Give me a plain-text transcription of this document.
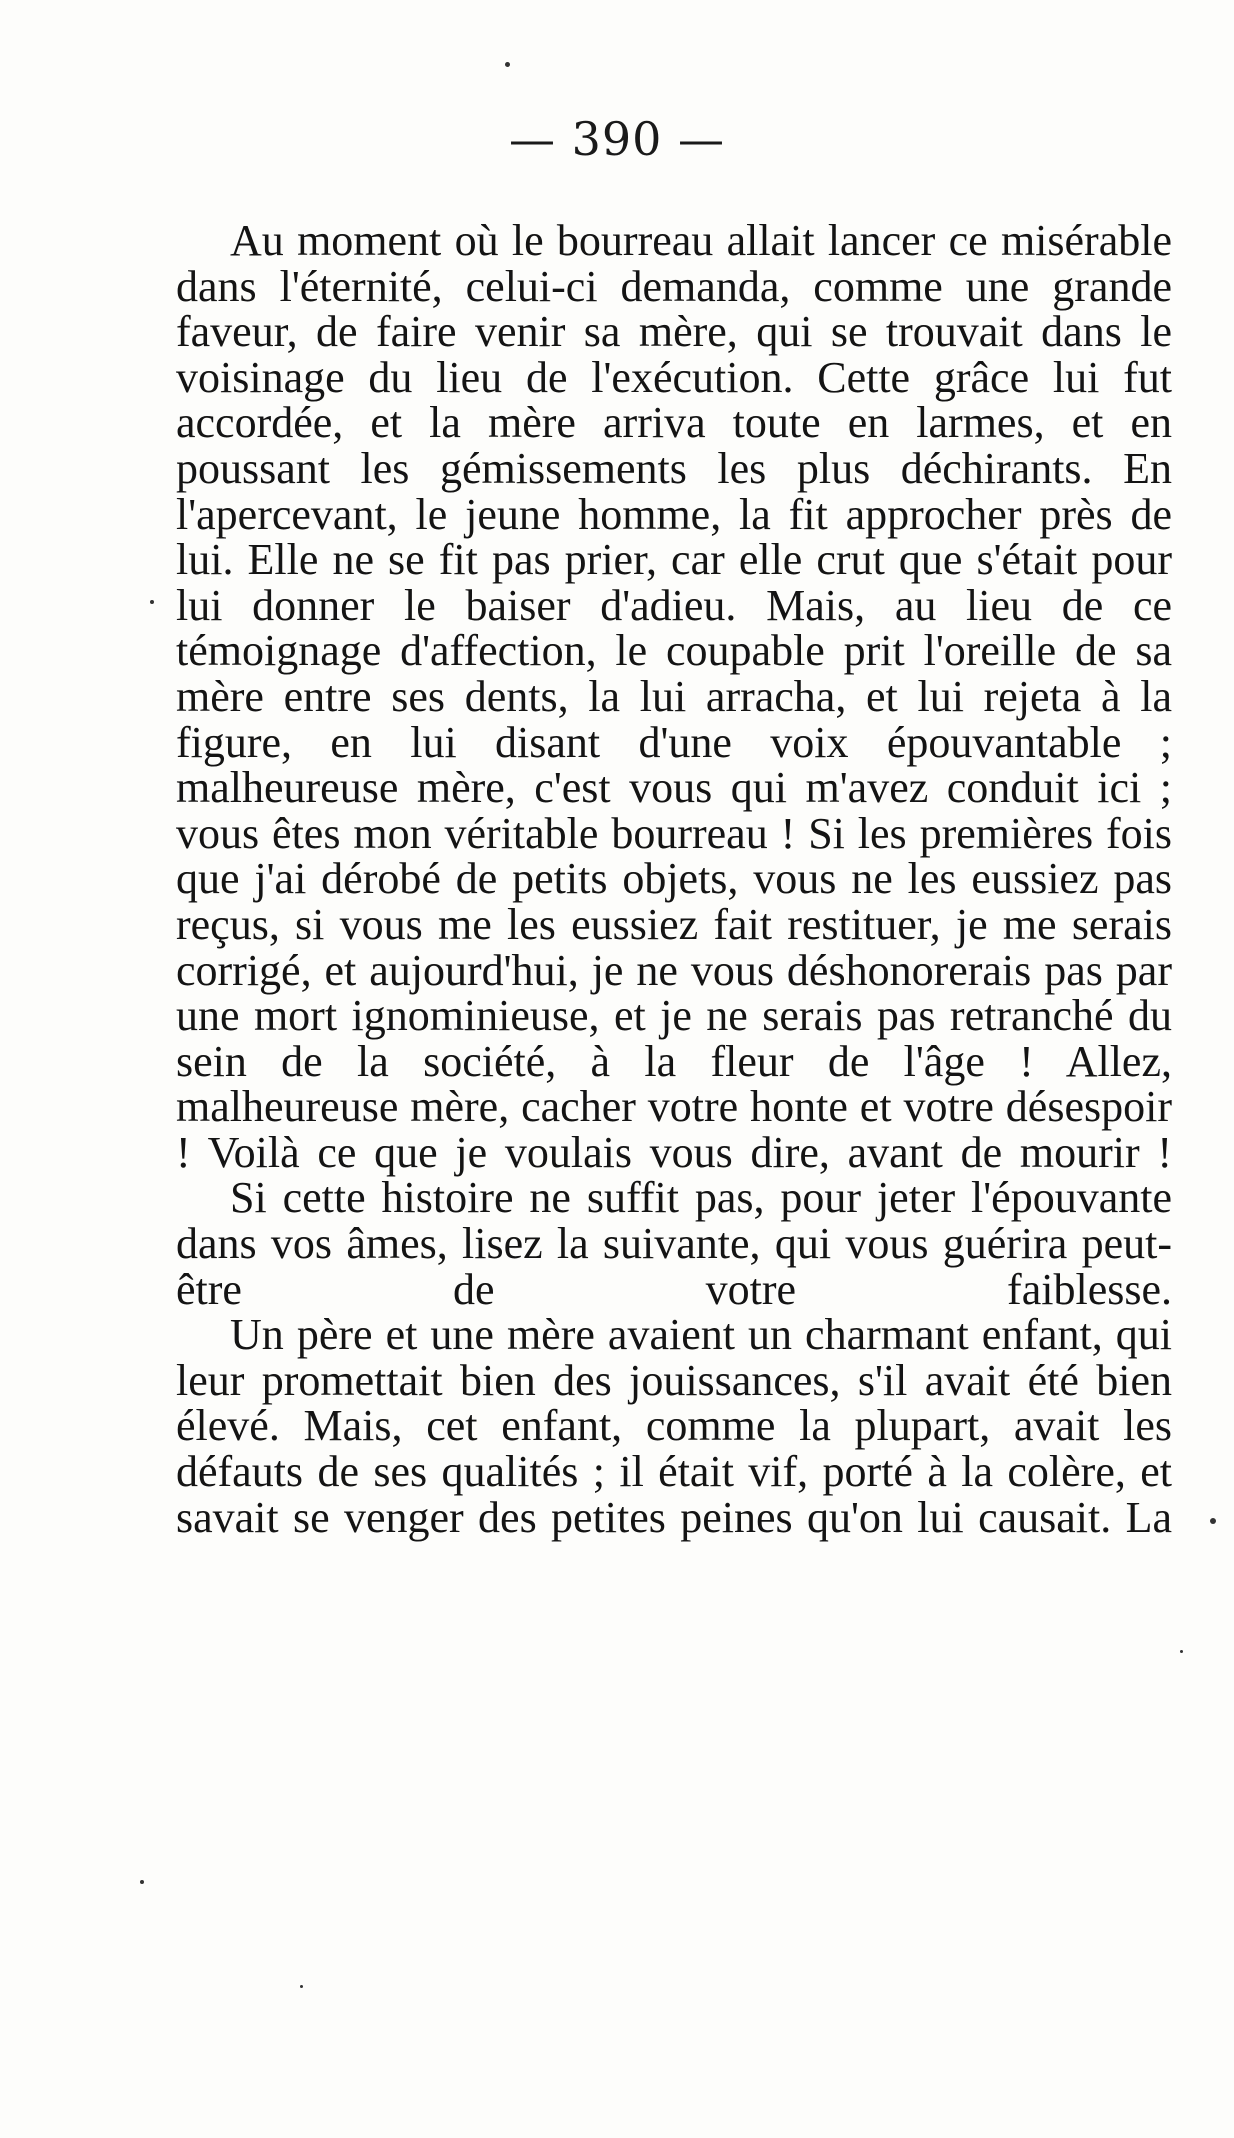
— 390 —

Au moment où le bourreau allait lancer ce misérable dans l'éternité, celui-ci demanda, comme une grande faveur, de faire venir sa mère, qui se trouvait dans le voisinage du lieu de l'exécution. Cette grâce lui fut accordée, et la mère arriva toute en larmes, et en poussant les gémissements les plus déchirants. En l'apercevant, le jeune homme, la fit approcher près de lui. Elle ne se fit pas prier, car elle crut que s'était pour lui donner le baiser d'adieu. Mais, au lieu de ce témoignage d'affection, le coupable prit l'oreille de sa mère entre ses dents, la lui arracha, et lui rejeta à la figure, en lui disant d'une voix épouvantable ; malheureuse mère, c'est vous qui m'avez conduit ici ; vous êtes mon véritable bourreau ! Si les premières fois que j'ai dérobé de petits objets, vous ne les eussiez pas reçus, si vous me les eussiez fait restituer, je me serais corrigé, et aujourd'hui, je ne vous déshonorerais pas par une mort ignominieuse, et je ne serais pas retranché du sein de la société, à la fleur de l'âge ! Allez, malheureuse mère, cacher votre honte et votre désespoir ! Voilà ce que je voulais vous dire, avant de mourir !

Si cette histoire ne suffit pas, pour jeter l'épouvante dans vos âmes, lisez la suivante, qui vous guérira peut-être de votre faiblesse.

Un père et une mère avaient un charmant enfant, qui leur promettait bien des jouissances, s'il avait été bien élevé. Mais, cet enfant, comme la plupart, avait les défauts de ses qualités ; il était vif, porté à la colère, et savait se venger des petites peines qu'on lui causait. La
